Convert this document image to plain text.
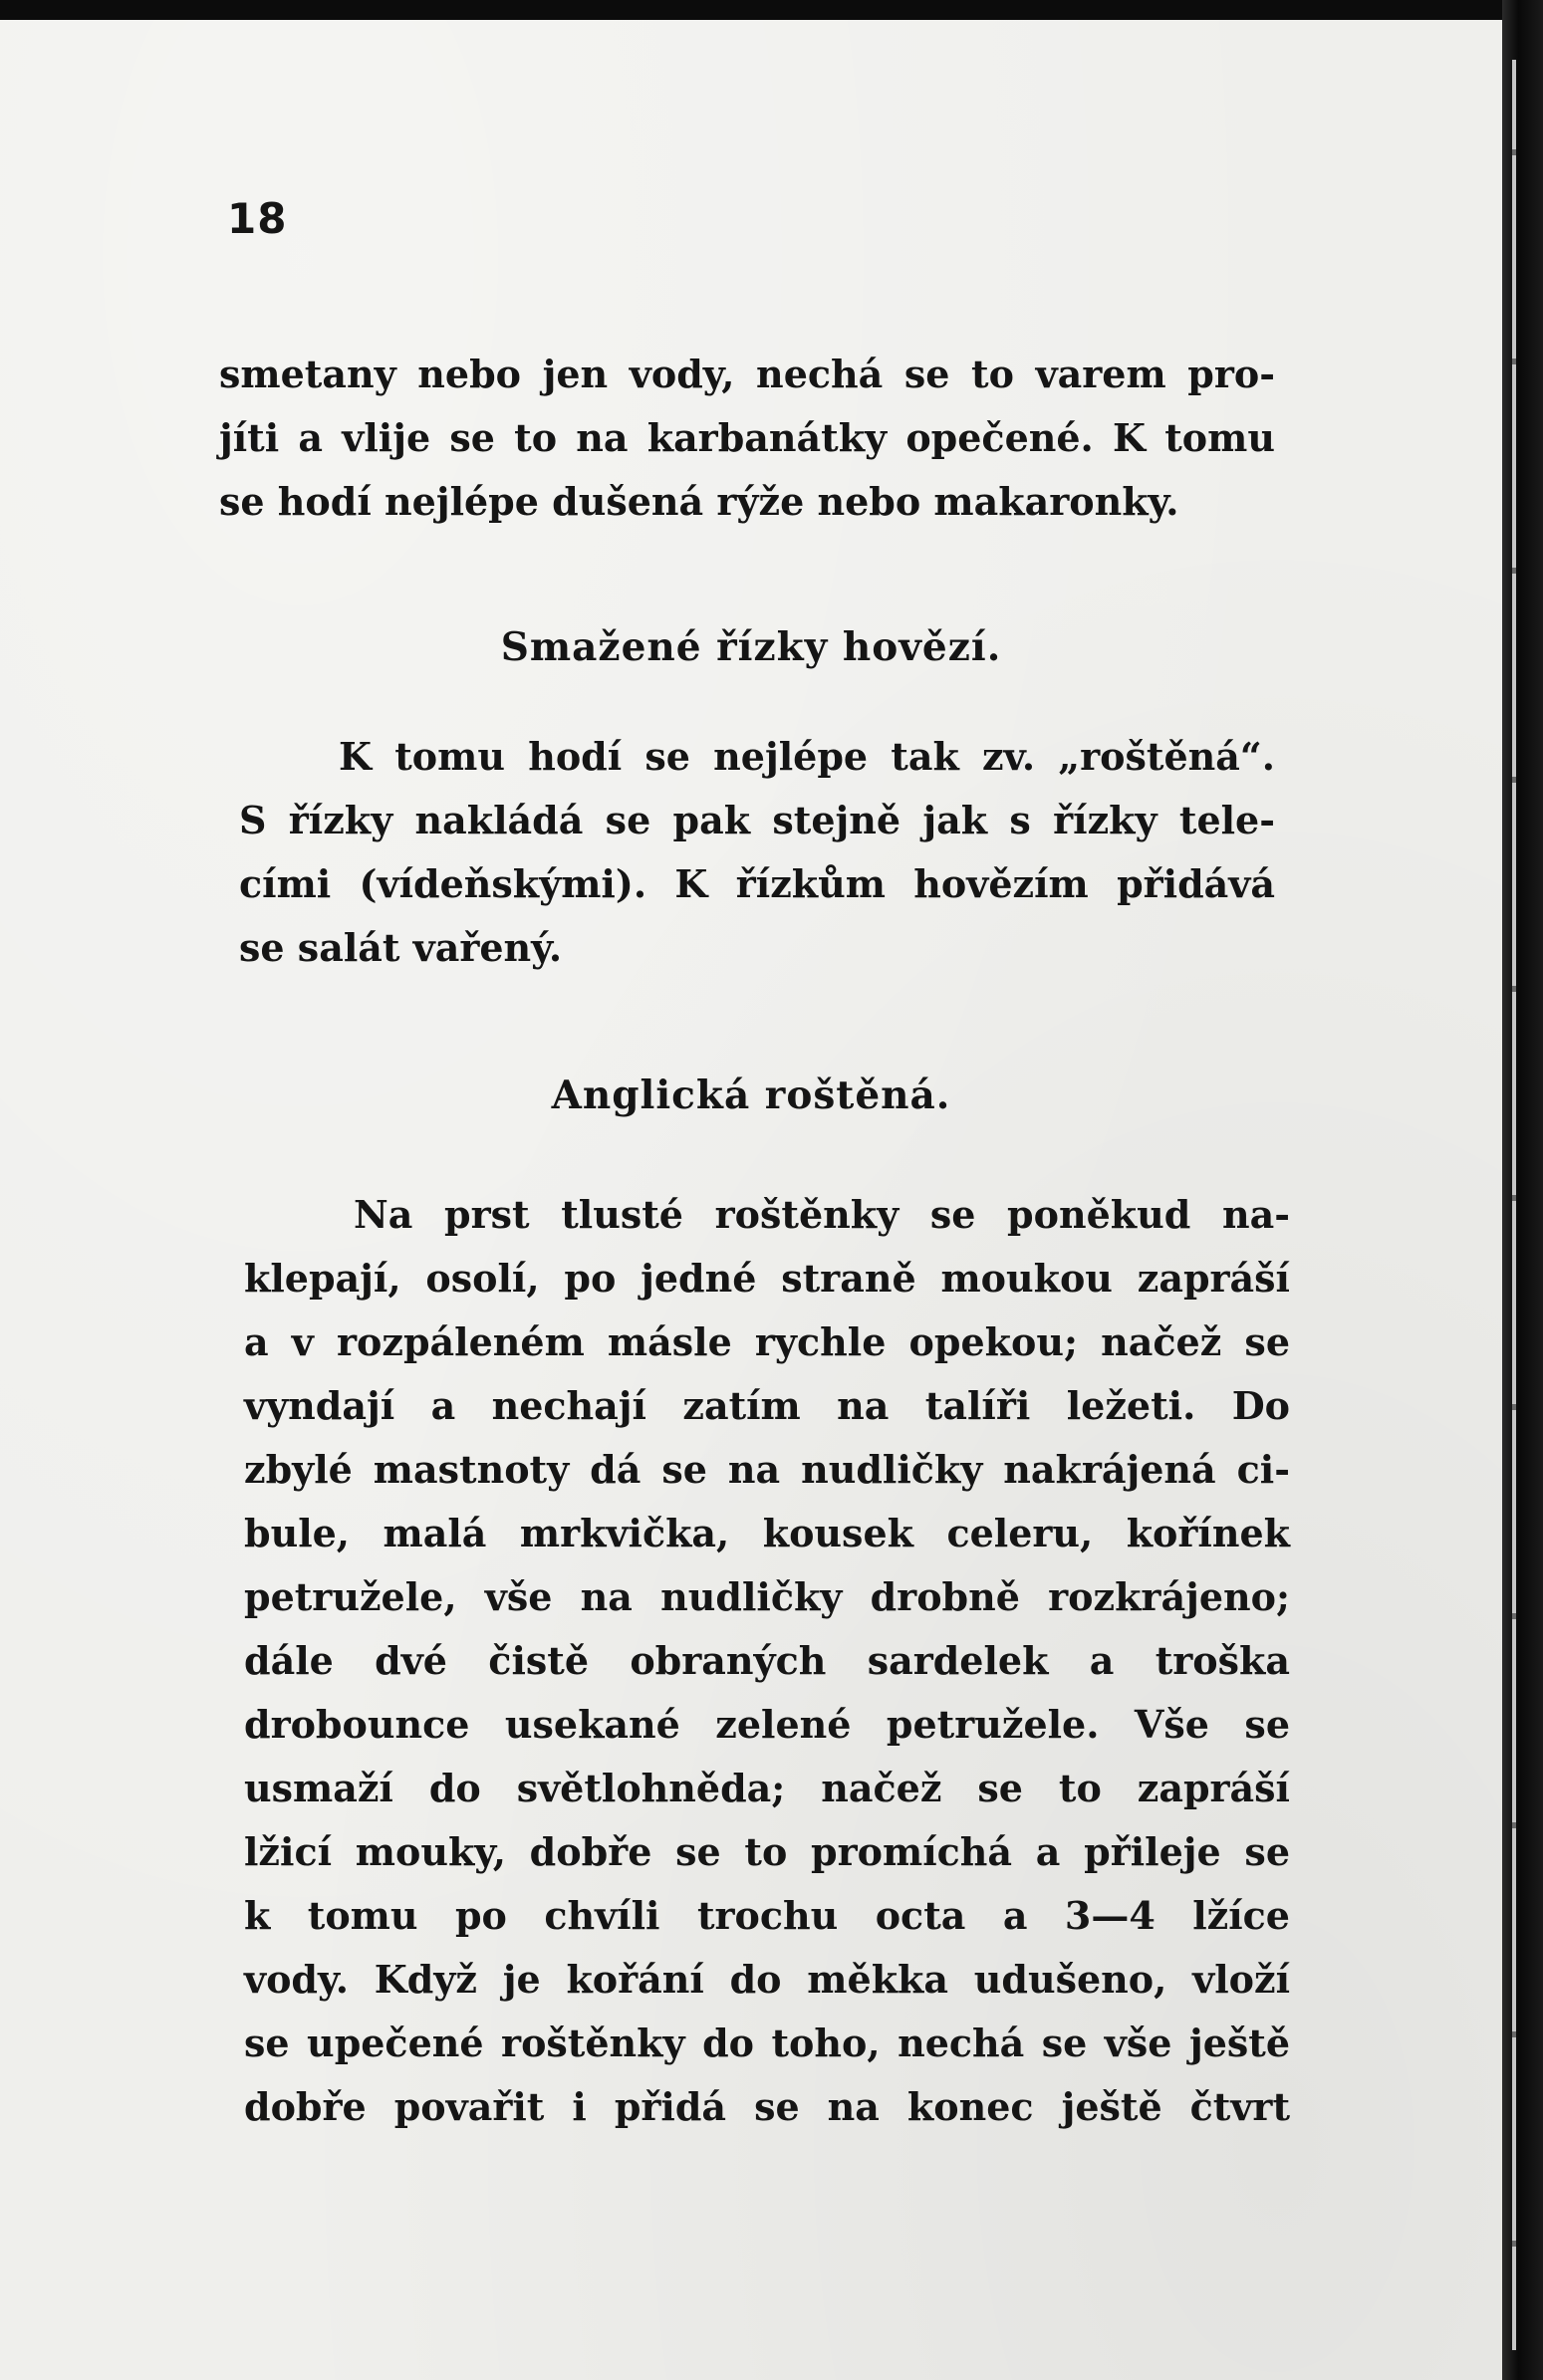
18
smetany nebo jen vody, nechá se to varem pro-
jíti a vlije se to na karbanátky opečené. K tomu
se hodí nejlépe dušená rýže nebo makaronky.
Smažené řízky hovězí.
K tomu hodí se nejlépe tak zv. „roštěná“.
S řízky nakládá se pak stejně jak s řízky tele-
cími (vídeňskými). K řízkům hovězím přidává
se salát vařený.
Anglická roštěná.
Na prst tlusté roštěnky se poněkud na-
klepají, osolí, po jedné straně moukou zapráší
a v rozpáleném másle rychle opekou; načež se
vyndají a nechají zatím na talíři ležeti. Do
zbylé mastnoty dá se na nudličky nakrájená ci-
bule, malá mrkvička, kousek celeru, kořínek
petružele, vše na nudličky drobně rozkrájeno;
dále dvé čistě obraných sardelek a troška
drobounce usekané zelené petružele. Vše se
usmaží do světlohněda; načež se to zapráší
lžicí mouky, dobře se to promíchá a přileje se
k tomu po chvíli trochu octa a 3—4 lžíce
vody. Když je kořání do měkka udušeno, vloží
se upečené roštěnky do toho, nechá se vše ještě
dobře povařit i přidá se na konec ještě čtvrt
